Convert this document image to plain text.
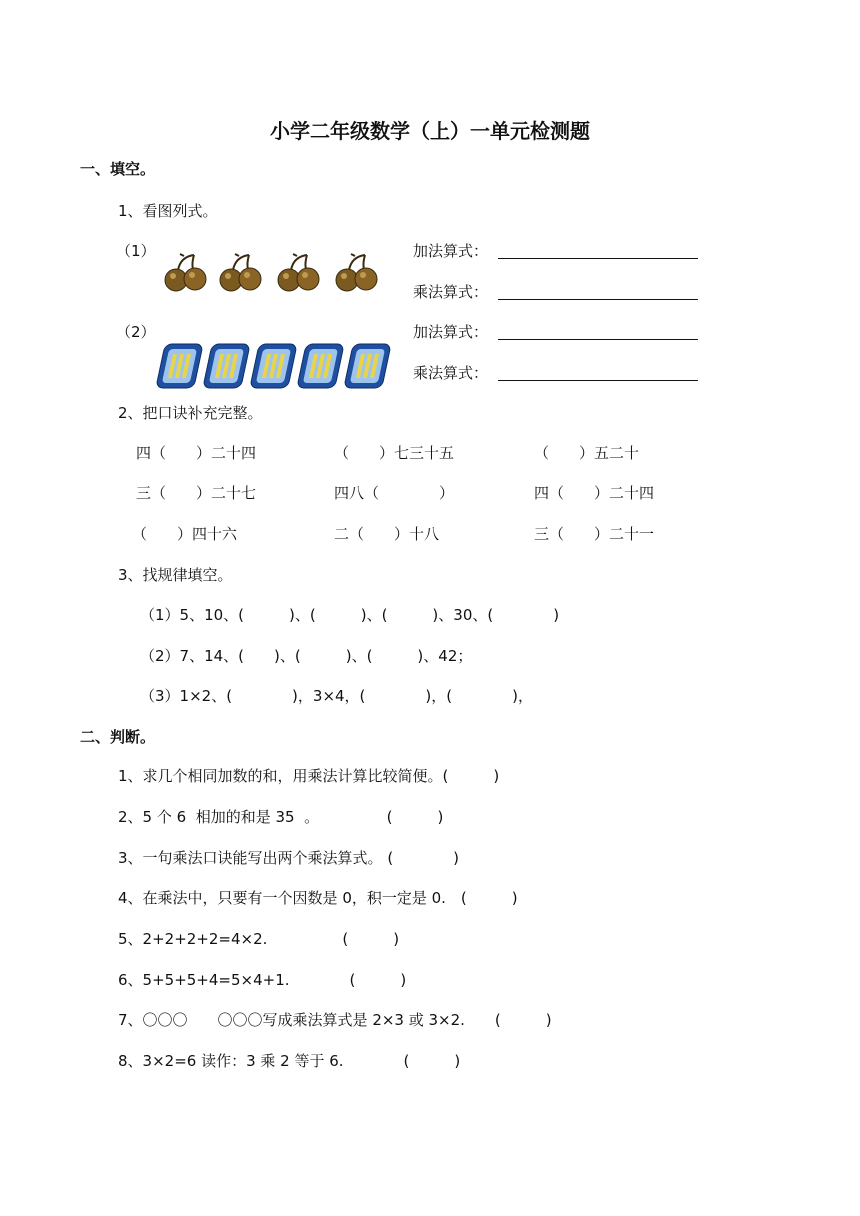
小学二年级数学（上）一单元检测题
一、填空。
1、看图列式。
（1）	加法算式：
乘法算式：
（2）	加法算式：
乘法算式：
2、把口诀补充完整。
四（　　）二十四	（　　）七三十五	（　　）五二十
三（　　）二十七	四八（　　　　）	四（　　）二十四
（　　）四十六	二（　　）十八	三（　　）二十一
3、找规律填空。
（1）5、10、(　　　)、(　　　)、(　　　)、30、(　　　　)
（2）7、14、(　　)、(　　　)、(　　　)、42；
（3）1×2、(　　　　)，3×4，(　　　　)，(　　　　)，
二、判断。
1、求几个相同加数的和，用乘法计算比较简便。(　　　)
2、5 个 6  相加的和是 35  。　　　　　(　　　)
3、一句乘法口诀能写出两个乘法算式。 (　　　　)
4、在乘法中，只要有一个因数是 0，积一定是 0.　(　　　)
5、2+2+2+2=4×2.　　　　　(　　　)
6、5+5+5+4=5×4+1.　　　　(　　　)
7、〇〇〇　　〇〇〇写成乘法算式是 2×3 或 3×2.　　(　　　)
8、3×2=6 读作：3 乘 2 等于 6.　　　　(　　　)
